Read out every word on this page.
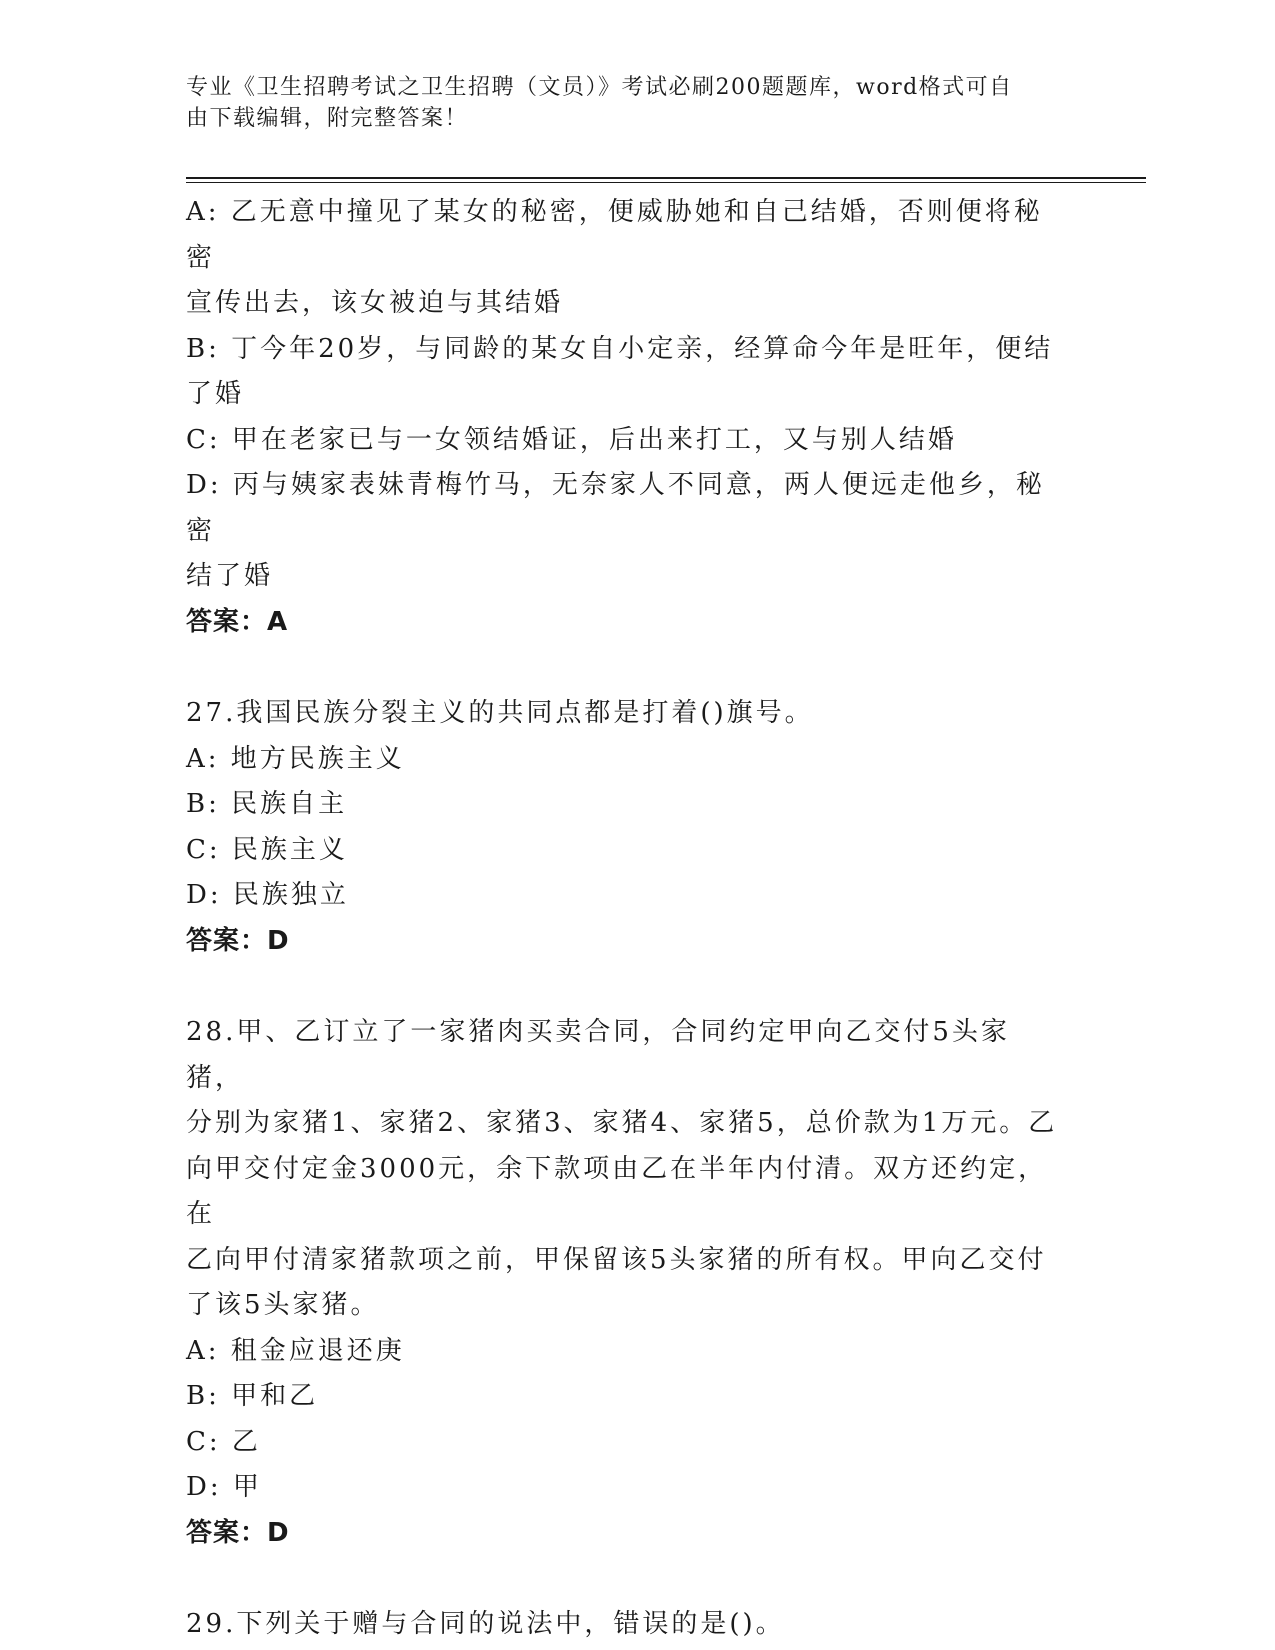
专业《卫生招聘考试之卫生招聘（文员）》考试必刷200题题库，word格式可自
由下载编辑，附完整答案！
A: 乙无意中撞见了某女的秘密，便威胁她和自己结婚，否则便将秘密
宣传出去，该女被迫与其结婚
B: 丁今年20岁，与同龄的某女自小定亲，经算命今年是旺年，便结
了婚
C: 甲在老家已与一女领结婚证，后出来打工，又与别人结婚
D: 丙与姨家表妹青梅竹马，无奈家人不同意，两人便远走他乡，秘密
结了婚
答案：A
27.我国民族分裂主义的共同点都是打着()旗号。
A: 地方民族主义
B: 民族自主
C: 民族主义
D: 民族独立
答案：D
28.甲、乙订立了一家猪肉买卖合同，合同约定甲向乙交付5头家猪，
分别为家猪1、家猪2、家猪3、家猪4、家猪5，总价款为1万元。乙
向甲交付定金3000元，余下款项由乙在半年内付清。双方还约定，在
乙向甲付清家猪款项之前，甲保留该5头家猪的所有权。甲向乙交付
了该5头家猪。
A: 租金应退还庚
B: 甲和乙
C: 乙
D: 甲
答案：D
29.下列关于赠与合同的说法中，错误的是()。
